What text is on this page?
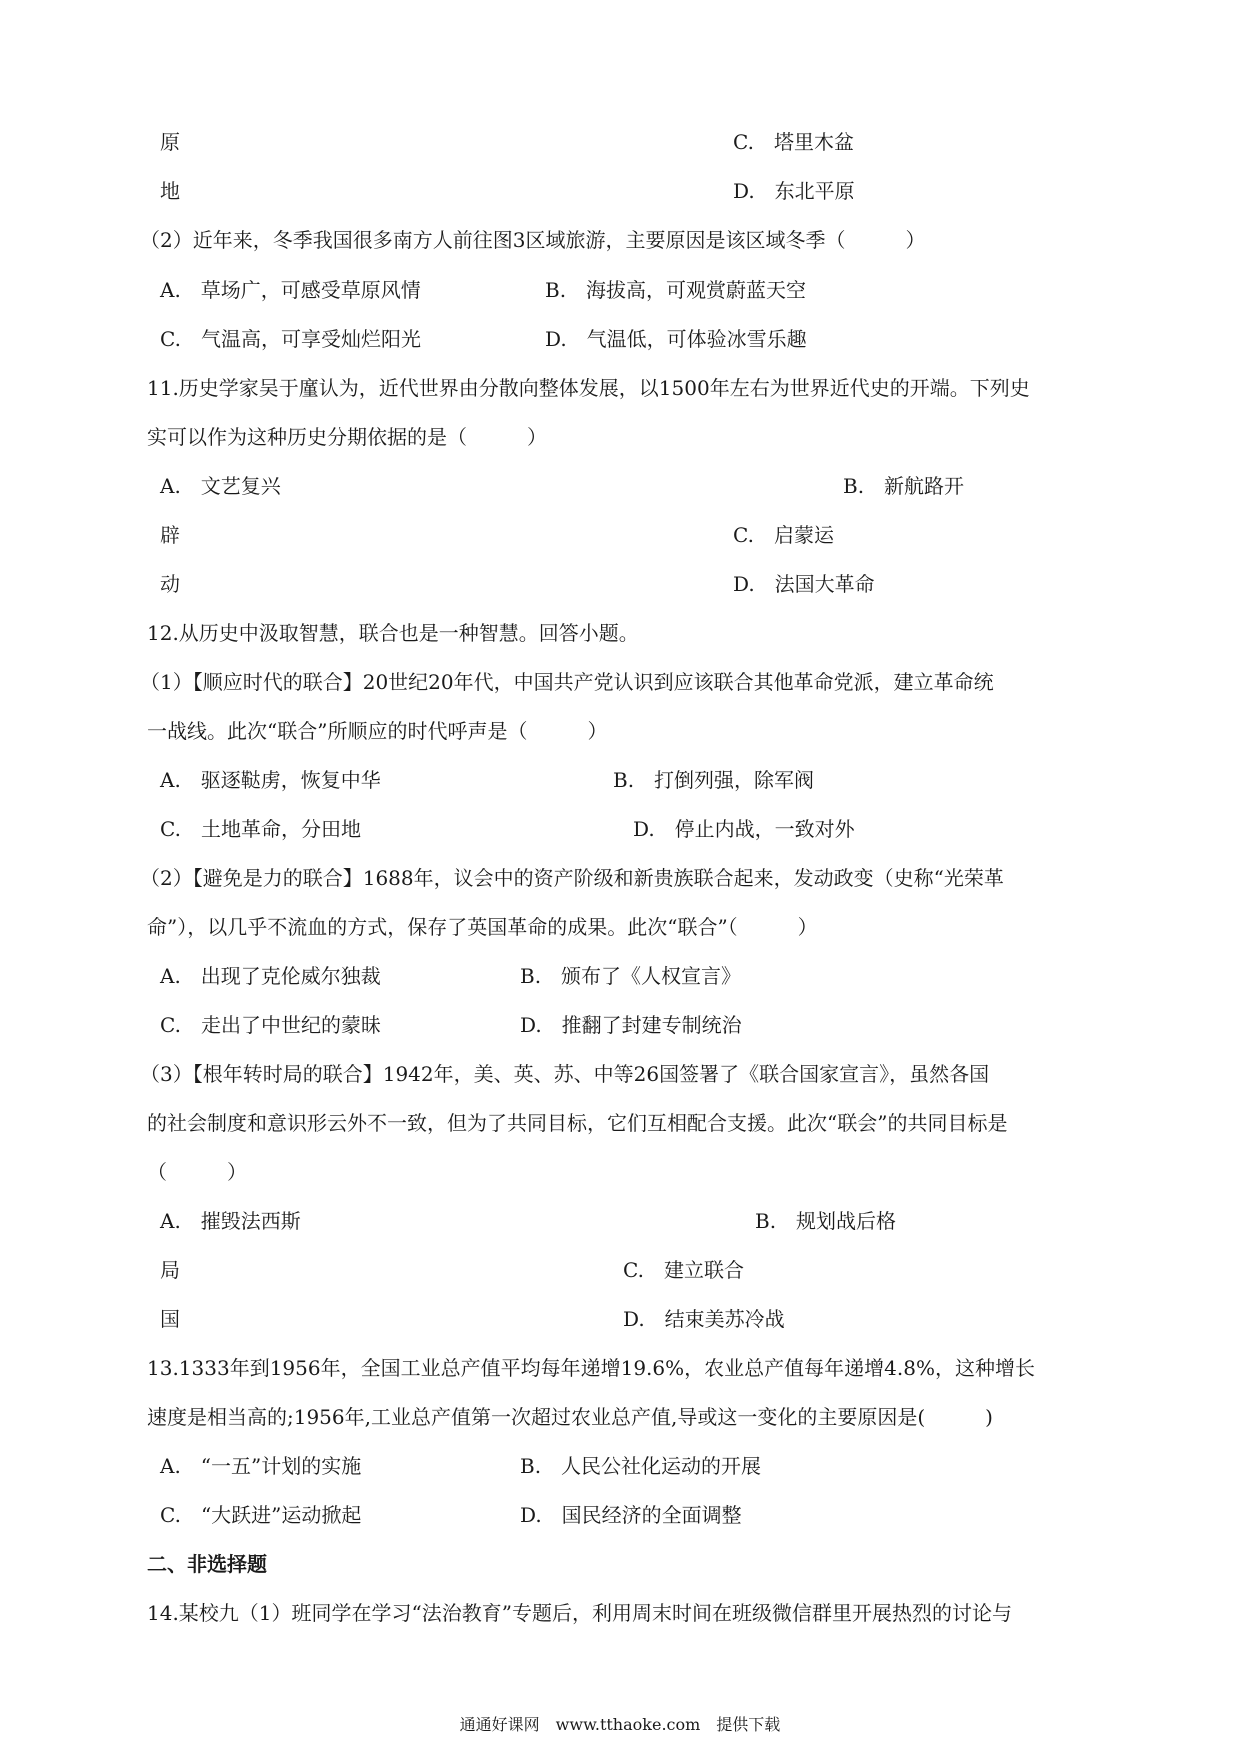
原	C.　塔里木盆
地	D.　东北平原
（2）近年来，冬季我国很多南方人前往图3区域旅游，主要原因是该区域冬季（　　　）
A.　草场广，可感受草原风情	B.　海拔高，可观赏蔚蓝天空
C.　气温高，可享受灿烂阳光	D.　气温低，可体验冰雪乐趣
11.历史学家吴于廑认为，近代世界由分散向整体发展，以1500年左右为世界近代史的开端。下列史
实可以作为这种历史分期依据的是（　　　）
A.　文艺复兴	B.　新航路开
辟	C.　启蒙运
动	D.　法国大革命
12.从历史中汲取智慧，联合也是一种智慧。回答小题。
（1）【顺应时代的联合】20世纪20年代，中国共产党认识到应该联合其他革命党派，建立革命统
一战线。此次“联合”所顺应的时代呼声是（　　　）
A.　驱逐鞑虏，恢复中华	B.　打倒列强，除军阀
C.　土地革命，分田地	D.　停止内战，一致对外
（2）【避免是力的联合】1688年，议会中的资产阶级和新贵族联合起来，发动政变（史称“光荣革
命”），以几乎不流血的方式，保存了英国革命的成果。此次“联合”（　　　）
A.　出现了克伦威尔独裁	B.　颁布了《人权宣言》
C.　走出了中世纪的蒙昧	D.　推翻了封建专制统治
（3）【根年转时局的联合】1942年，美、英、苏、中等26国签署了《联合国家宣言》，虽然各国
的社会制度和意识形云外不一致，但为了共同目标，它们互相配合支援。此次“联会”的共同目标是
（　　　）
A.　摧毁法西斯	B.　规划战后格
局	C.　建立联合
国	D.　结束美苏冷战
13.1333年到1956年，全国工业总产值平均每年递增19.6%，农业总产值每年递增4.8%，这种增长
速度是相当高的;1956年,工业总产值第一次超过农业总产值,导或这一变化的主要原因是(　　　)
A.　“一五”计划的实施	B.　人民公社化运动的开展
C.　“大跃进”运动掀起	D.　国民经济的全面调整
二、非选择题
14.某校九（1）班同学在学习“法治教育”专题后，利用周末时间在班级微信群里开展热烈的讨论与
通通好课网　www.tthaoke.com　提供下载
